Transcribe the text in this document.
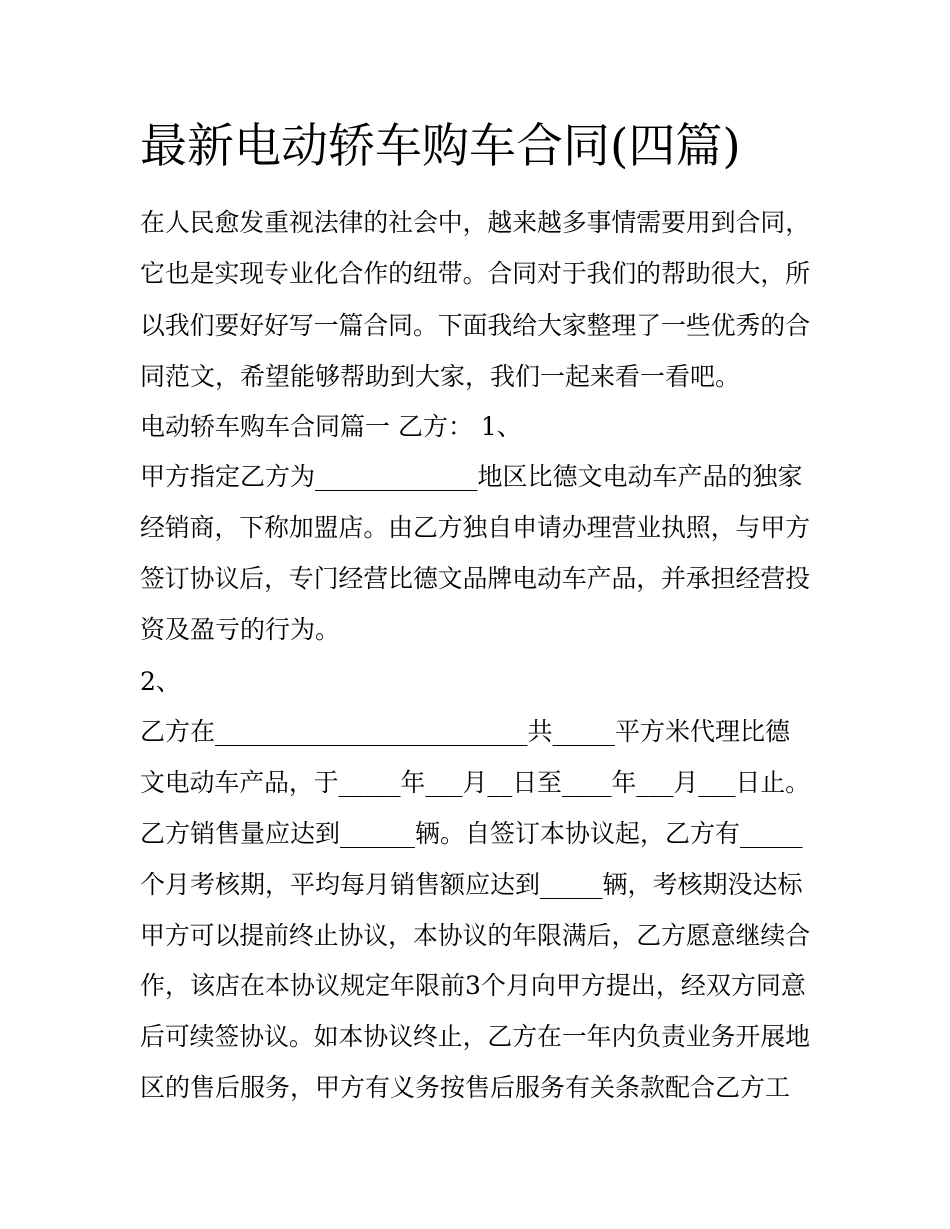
最新电动轿车购车合同(四篇)

在人民愈发重视法律的社会中，越来越多事情需要用到合同，

它也是实现专业化合作的纽带。合同对于我们的帮助很大，所

以我们要好好写一篇合同。下面我给大家整理了一些优秀的合

同范文，希望能够帮助到大家，我们一起来看一看吧。

电动轿车购车合同篇一 乙方： 1、

甲方指定乙方为_____________地区比德文电动车产品的独家

经销商，下称加盟店。由乙方独自申请办理营业执照，与甲方

签订协议后，专门经营比德文品牌电动车产品，并承担经营投

资及盈亏的行为。

2、

乙方在_________________________共_____平方米代理比德

文电动车产品，于_____年___月__日至____年___月___日止。

乙方销售量应达到______辆。自签订本协议起，乙方有_____

个月考核期，平均每月销售额应达到_____辆，考核期没达标

甲方可以提前终止协议，本协议的年限满后，乙方愿意继续合

作，该店在本协议规定年限前3个月向甲方提出，经双方同意

后可续签协议。如本协议终止，乙方在一年内负责业务开展地

区的售后服务，甲方有义务按售后服务有关条款配合乙方工
